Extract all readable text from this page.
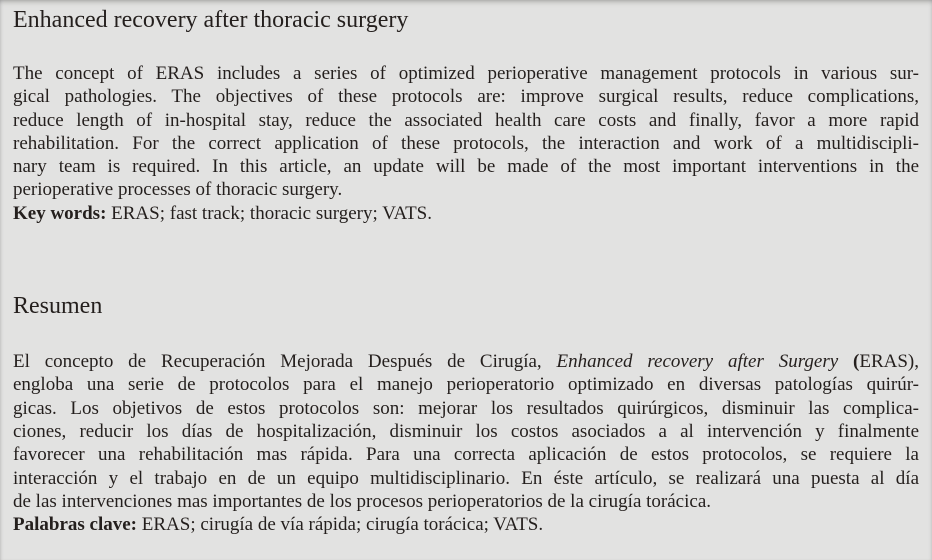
Enhanced recovery after thoracic surgery
The concept of ERAS includes a series of optimized perioperative management protocols in various sur-
gical pathologies. The objectives of these protocols are: improve surgical results, reduce complications,
reduce length of in-hospital stay, reduce the associated health care costs and finally, favor a more rapid
rehabilitation. For the correct application of these protocols, the interaction and work of a multidiscipli-
nary team is required. In this article, an update will be made of the most important interventions in the
perioperative processes of thoracic surgery.
Key words: ERAS; fast track; thoracic surgery; VATS.
Resumen
El concepto de Recuperación Mejorada Después de Cirugía, Enhanced recovery after Surgery (ERAS),
engloba una serie de protocolos para el manejo perioperatorio optimizado en diversas patologías quirúr-
gicas. Los objetivos de estos protocolos son: mejorar los resultados quirúrgicos, disminuir las complica-
ciones, reducir los días de hospitalización, disminuir los costos asociados a al intervención y finalmente
favorecer una rehabilitación mas rápida. Para una correcta aplicación de estos protocolos, se requiere la
interacción y el trabajo en de un equipo multidisciplinario. En éste artículo, se realizará una puesta al día
de las intervenciones mas importantes de los procesos perioperatorios de la cirugía torácica.
Palabras clave: ERAS; cirugía de vía rápida; cirugía torácica; VATS.
